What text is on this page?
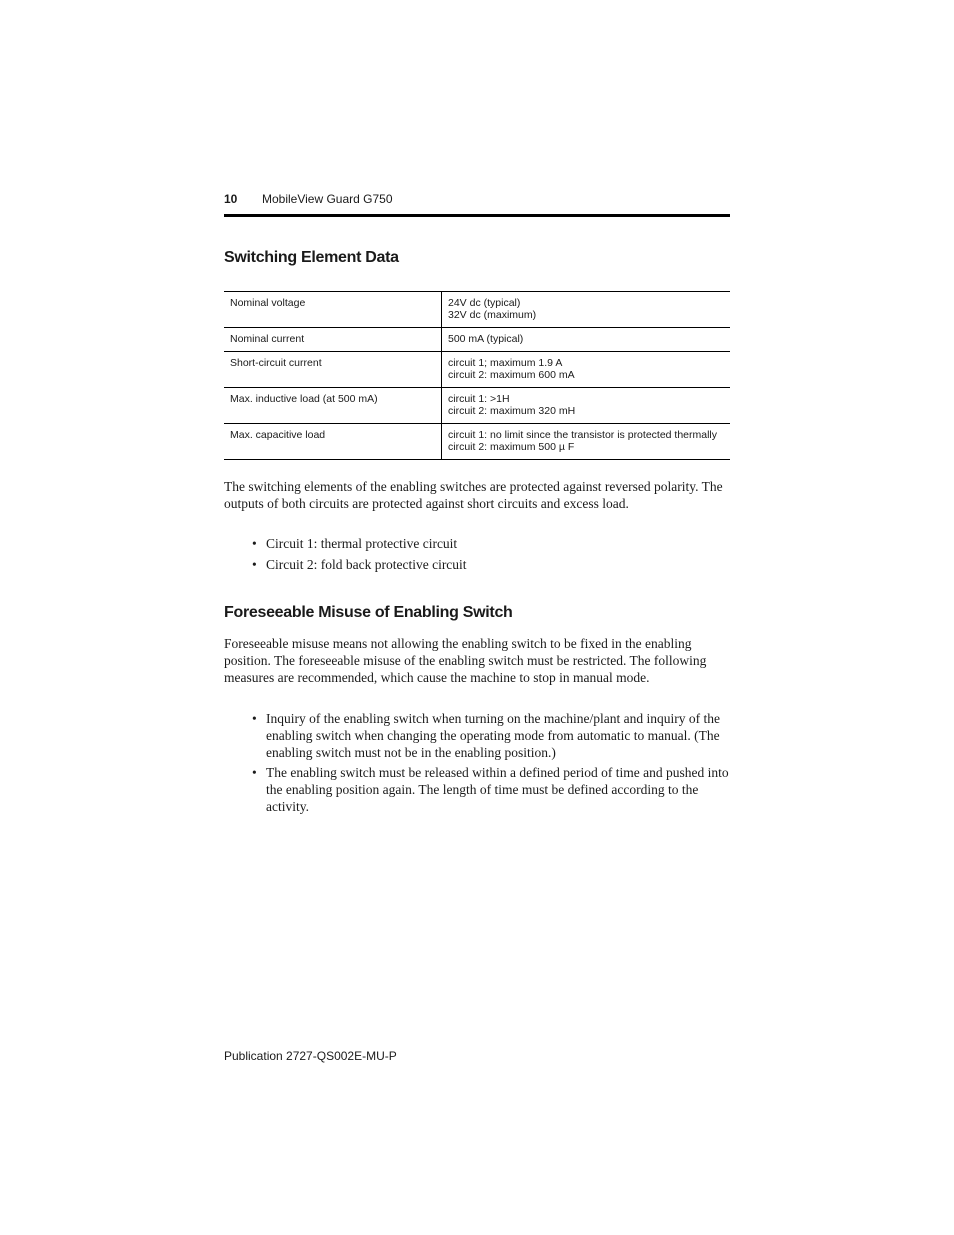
10 MobileView Guard G750
Switching Element Data
Nominal voltage	24V dc (typical)
32V dc (maximum)

Nominal current	500 mA (typical)

Short-circuit current	circuit 1; maximum 1.9 A
circuit 2: maximum 600 mA

Max. inductive load (at 500 mA)	circuit 1: >1H
circuit 2: maximum 320 mH

Max. capacitive load	circuit 1: no limit since the transistor is protected thermally
circuit 2: maximum 500 µ F

The switching elements of the enabling switches are protected against reversed polarity. The outputs of both circuits are protected against short circuits and excess load.

• Circuit 1: thermal protective circuit
• Circuit 2: fold back protective circuit
Foreseeable Misuse of Enabling Switch

Foreseeable misuse means not allowing the enabling switch to be fixed in the enabling position. The foreseeable misuse of the enabling switch must be restricted. The following measures are recommended, which cause the machine to stop in manual mode.

• Inquiry of the enabling switch when turning on the machine/plant and inquiry of the enabling switch when changing the operating mode from automatic to manual. (The enabling switch must not be in the enabling position.)
• The enabling switch must be released within a defined period of time and pushed into the enabling position again. The length of time must be defined according to the activity.
Publication 2727-QS002E-MU-P
